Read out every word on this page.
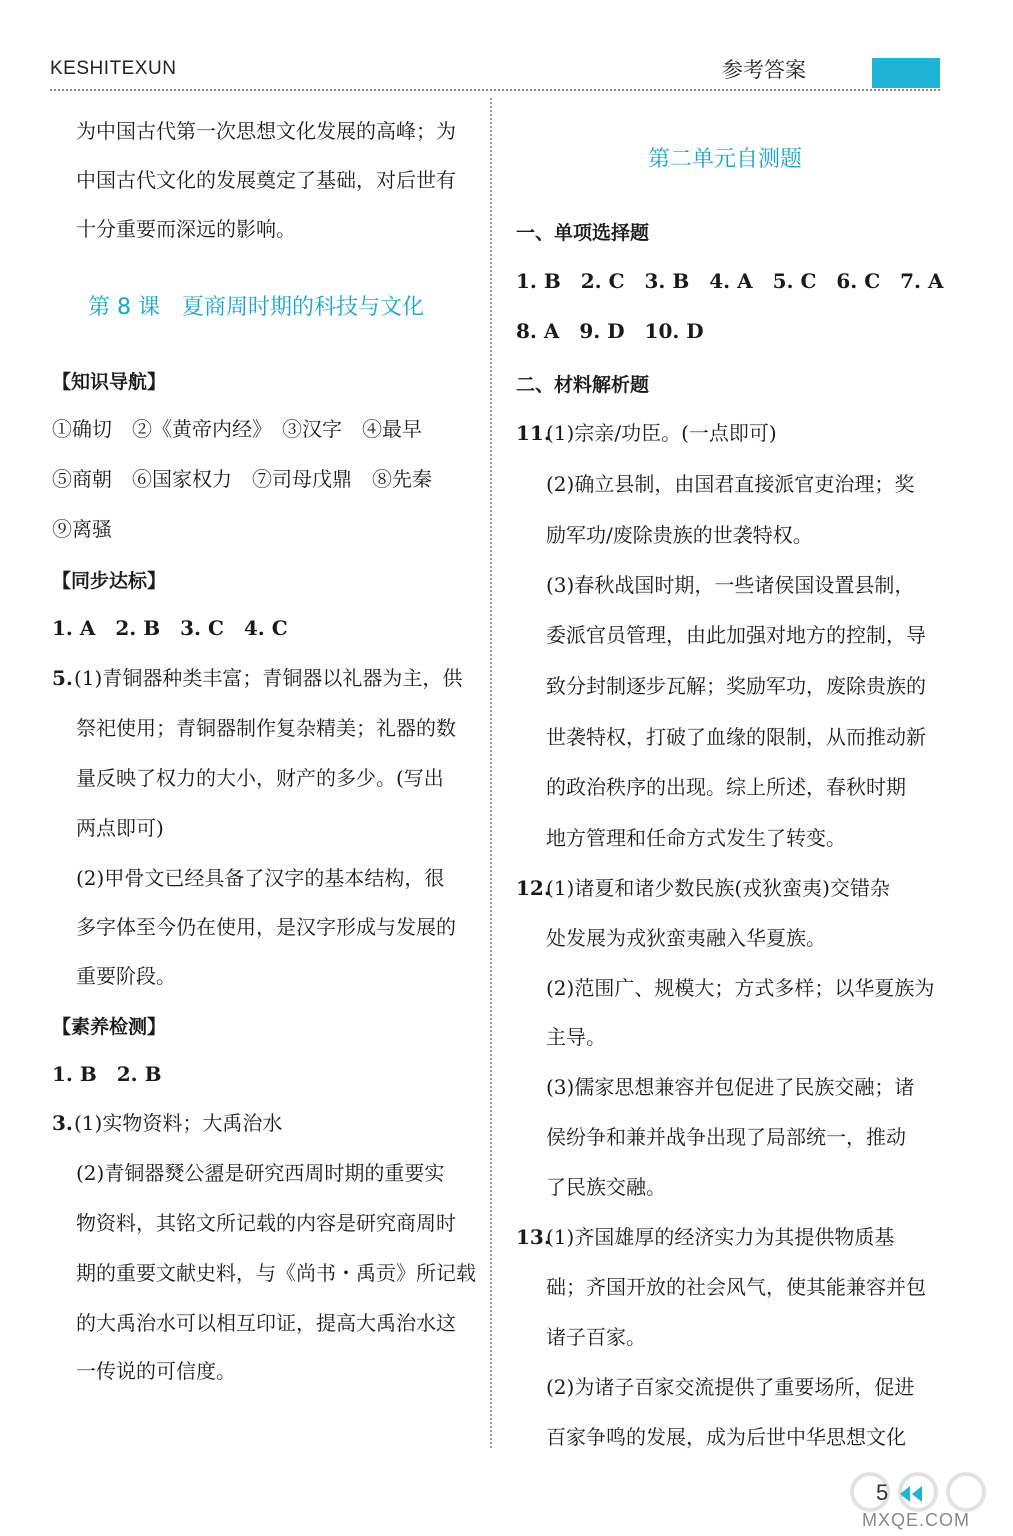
KESHITEXUN	参考答案
为中国古代第一次思想文化发展的高峰；为
中国古代文化的发展奠定了基础，对后世有
十分重要而深远的影响。
第 8 课　夏商周时期的科技与文化
【知识导航】
①确切　②《黄帝内经》　③汉字　④最早
⑤商朝　⑥国家权力　⑦司母戊鼎　⑧先秦
⑨离骚
【同步达标】
1. A　2. B　3. C　4. C
5. (1)青铜器种类丰富；青铜器以礼器为主，供
祭祀使用；青铜器制作复杂精美；礼器的数
量反映了权力的大小，财产的多少。(写出
两点即可)
(2)甲骨文已经具备了汉字的基本结构，很
多字体至今仍在使用，是汉字形成与发展的
重要阶段。
【素养检测】
1. B　2. B
3. (1)实物资料；大禹治水
(2)青铜器燹公盨是研究西周时期的重要实
物资料，其铭文所记载的内容是研究商周时
期的重要文献史料，与《尚书・禹贡》所记载
的大禹治水可以相互印证，提高大禹治水这
一传说的可信度。
第二单元自测题
一、单项选择题
1. B　2. C　3. B　4. A　5. C　6. C　7. A
8. A　9. D　10. D
二、材料解析题
11.
(1)宗亲/功臣。(一点即可)
(2)确立县制，由国君直接派官吏治理；奖
励军功/废除贵族的世袭特权。
(3)春秋战国时期，一些诸侯国设置县制，
委派官员管理，由此加强对地方的控制，导
致分封制逐步瓦解；奖励军功，废除贵族的
世袭特权，打破了血缘的限制，从而推动新
的政治秩序的出现。综上所述，春秋时期
地方管理和任命方式发生了转变。
12.
(1)诸夏和诸少数民族(戎狄蛮夷)交错杂
处发展为戎狄蛮夷融入华夏族。
(2)范围广、规模大；方式多样；以华夏族为
主导。
(3)儒家思想兼容并包促进了民族交融；诸
侯纷争和兼并战争出现了局部统一，推动
了民族交融。
13.
(1)齐国雄厚的经济实力为其提供物质基
础；齐国开放的社会风气，使其能兼容并包
诸子百家。
(2)为诸子百家交流提供了重要场所，促进
百家争鸣的发展，成为后世中华思想文化
MXQE.COM
5
